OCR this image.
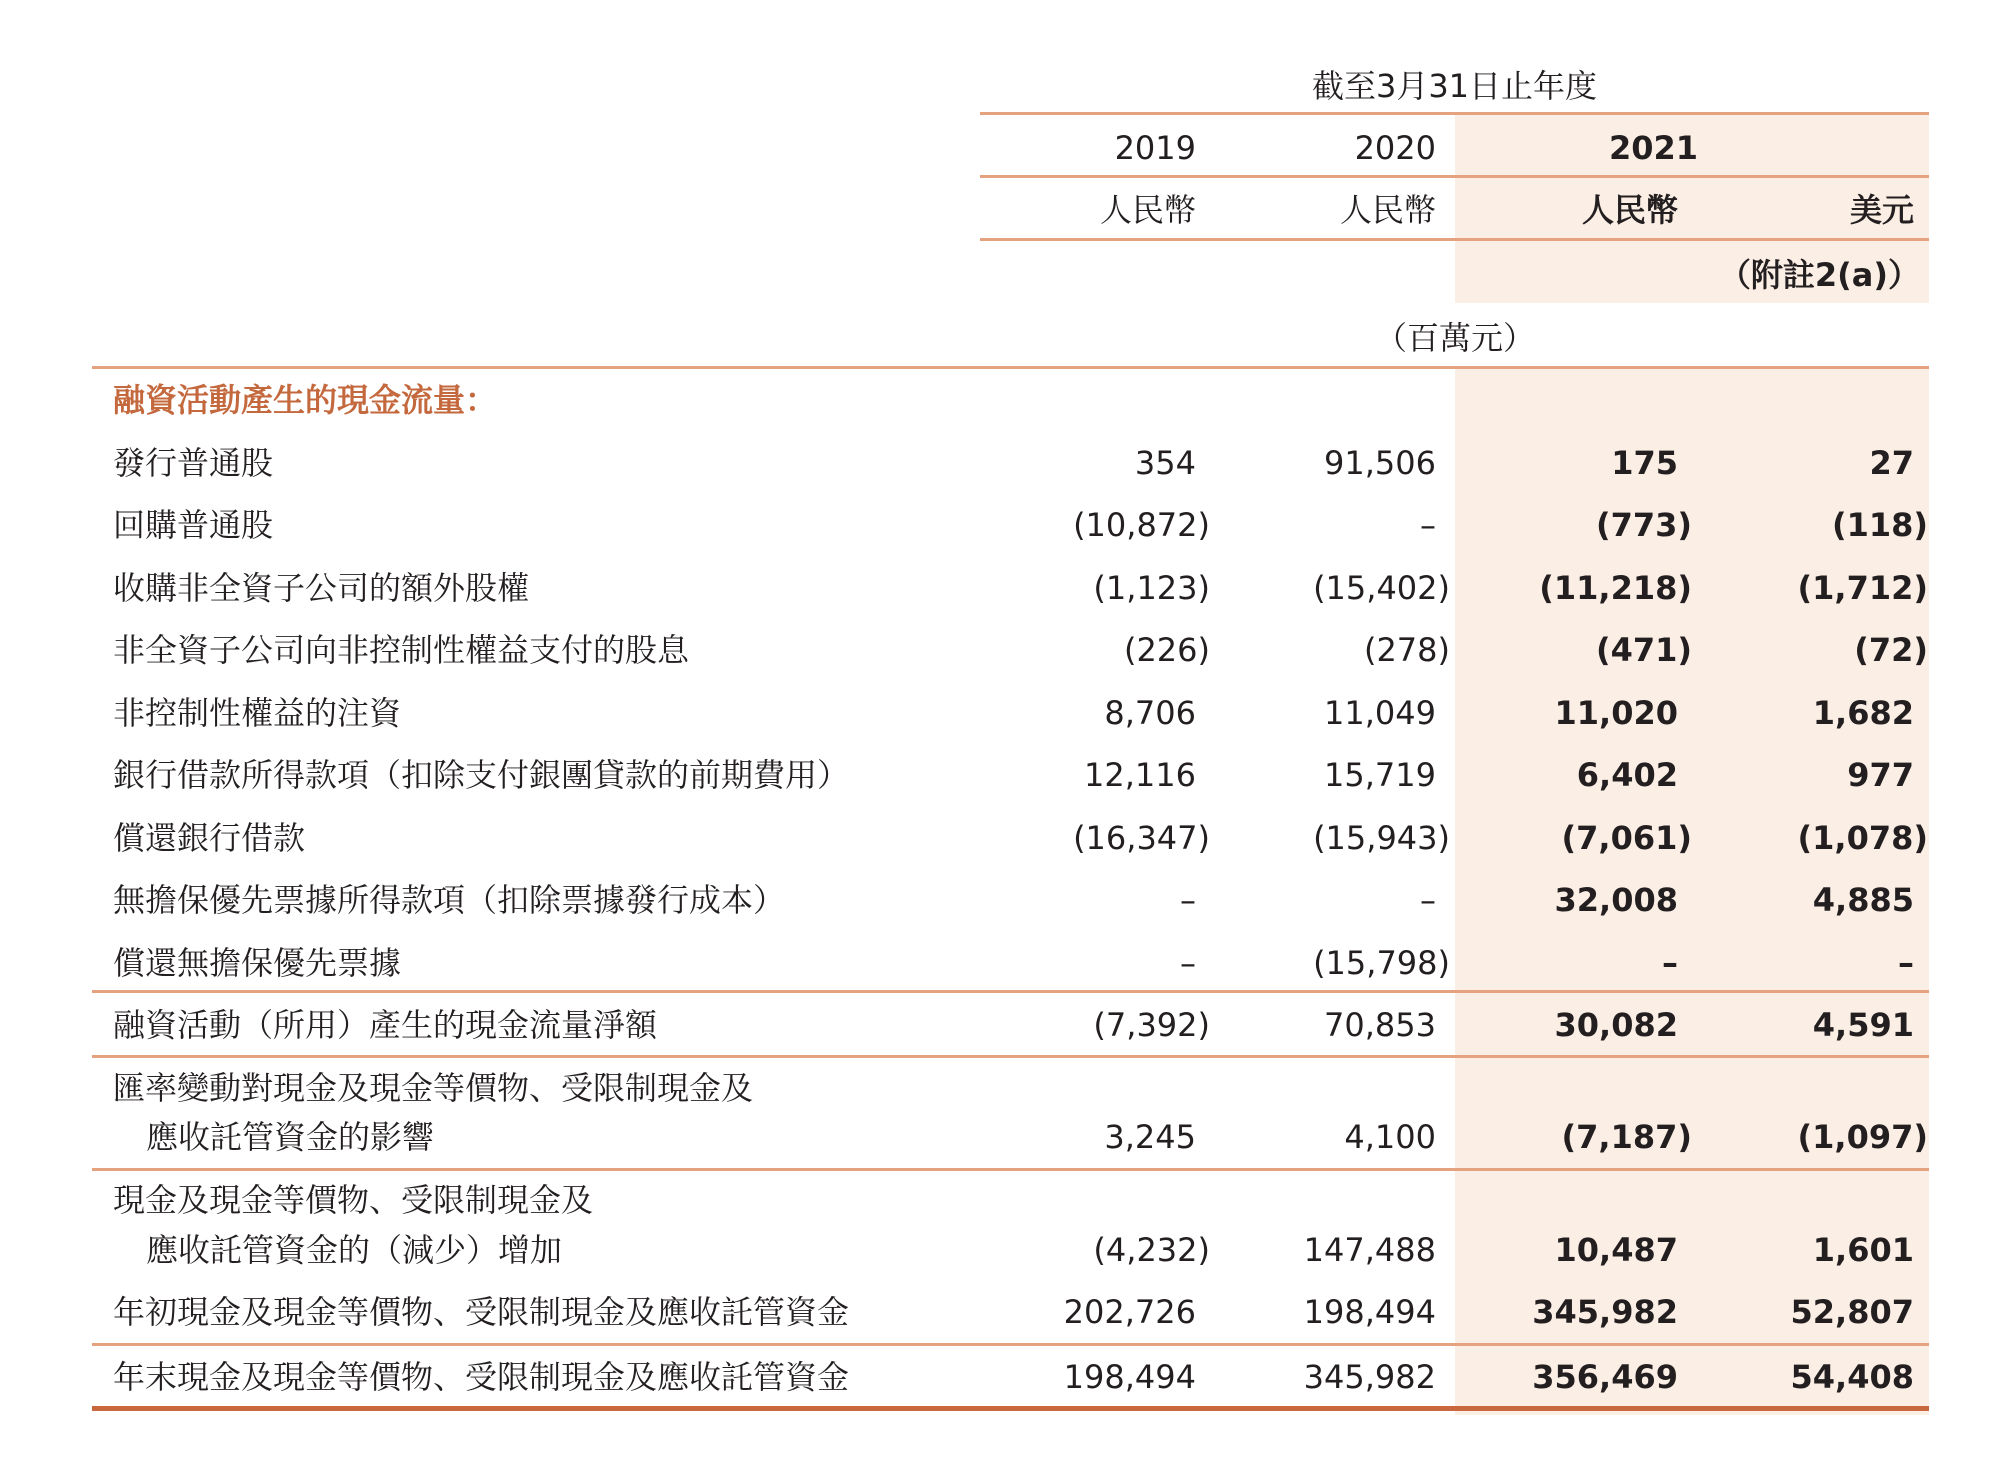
截至3月31日止年度
2019	2020	2021
人民幣	人民幣	人民幣	美元
（附註2(a)）
（百萬元）
融資活動產生的現金流量：
發行普通股	354	91,506	175	27
回購普通股	(10,872)	–	(773)	(118)
收購非全資子公司的額外股權	(1,123)	(15,402)	(11,218)	(1,712)
非全資子公司向非控制性權益支付的股息	(226)	(278)	(471)	(72)
非控制性權益的注資	8,706	11,049	11,020	1,682
銀行借款所得款項（扣除支付銀團貸款的前期費用）	12,116	15,719	6,402	977
償還銀行借款	(16,347)	(15,943)	(7,061)	(1,078)
無擔保優先票據所得款項（扣除票據發行成本）	–	–	32,008	4,885
償還無擔保優先票據	–	(15,798)	–	–
融資活動（所用）產生的現金流量淨額	(7,392)	70,853	30,082	4,591
匯率變動對現金及現金等價物、受限制現金及
應收託管資金的影響	3,245	4,100	(7,187)	(1,097)
現金及現金等價物、受限制現金及
應收託管資金的（減少）增加	(4,232)	147,488	10,487	1,601
年初現金及現金等價物、受限制現金及應收託管資金	202,726	198,494	345,982	52,807
年末現金及現金等價物、受限制現金及應收託管資金	198,494	345,982	356,469	54,408
